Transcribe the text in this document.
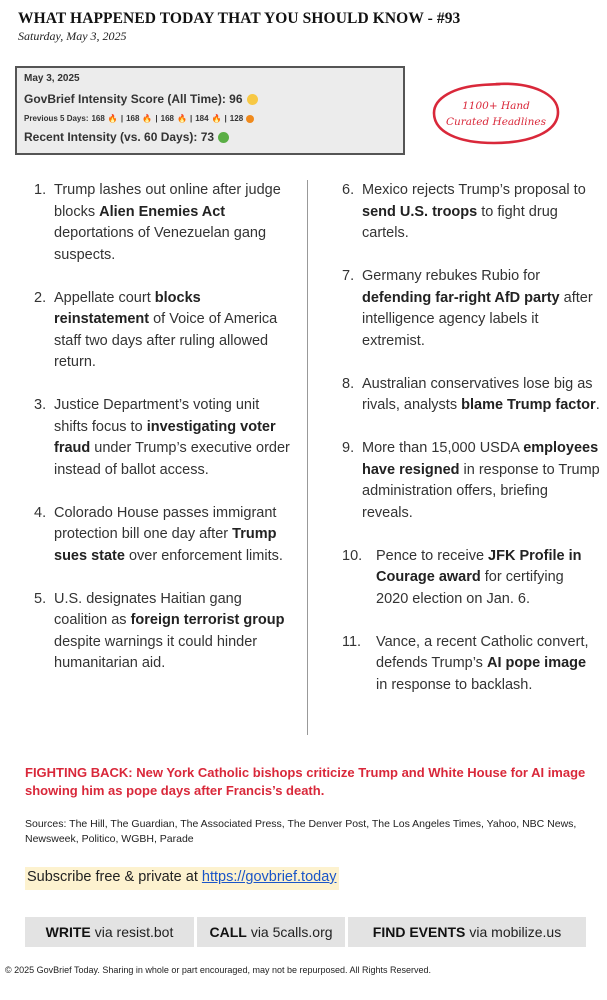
WHAT HAPPENED TODAY THAT YOU SHOULD KNOW - #93
Saturday, May 3, 2025
May 3, 2025
GovBrief Intensity Score (All Time): 96
Previous 5 Days: 168 🔥 | 168 🔥 | 168 🔥 | 184 🔥 | 128
Recent Intensity (vs. 60 Days): 73
1100+ Hand
Curated Headlines
1. Trump lashes out online after judge blocks Alien Enemies Act deportations of Venezuelan gang suspects.
2. Appellate court blocks reinstatement of Voice of America staff two days after ruling allowed return.
3. Justice Department’s voting unit shifts focus to investigating voter fraud under Trump’s executive order instead of ballot access.
4. Colorado House passes immigrant protection bill one day after Trump sues state over enforcement limits.
5. U.S. designates Haitian gang coalition as foreign terrorist group despite warnings it could hinder humanitarian aid.
6. Mexico rejects Trump’s proposal to send U.S. troops to fight drug cartels.
7. Germany rebukes Rubio for defending far-right AfD party after intelligence agency labels it extremist.
8. Australian conservatives lose big as rivals, analysts blame Trump factor.
9. More than 15,000 USDA employees have resigned in response to Trump administration offers, briefing reveals.
10. Pence to receive JFK Profile in Courage award for certifying 2020 election on Jan. 6.
11.	Vance, a recent Catholic convert, defends Trump’s AI pope image in response to backlash.
FIGHTING BACK: New York Catholic bishops criticize Trump and White House for AI image showing him as pope days after Francis’s death.
Sources: The Hill, The Guardian, The Associated Press, The Denver Post, The Los Angeles Times, Yahoo, NBC News, Newsweek, Politico, WGBH, Parade
Subscribe free & private at https://govbrief.today
WRITE via resist.bot	CALL via 5calls.org	FIND EVENTS via mobilize.us
© 2025 GovBrief Today. Sharing in whole or part encouraged, may not be repurposed. All Rights Reserved.
